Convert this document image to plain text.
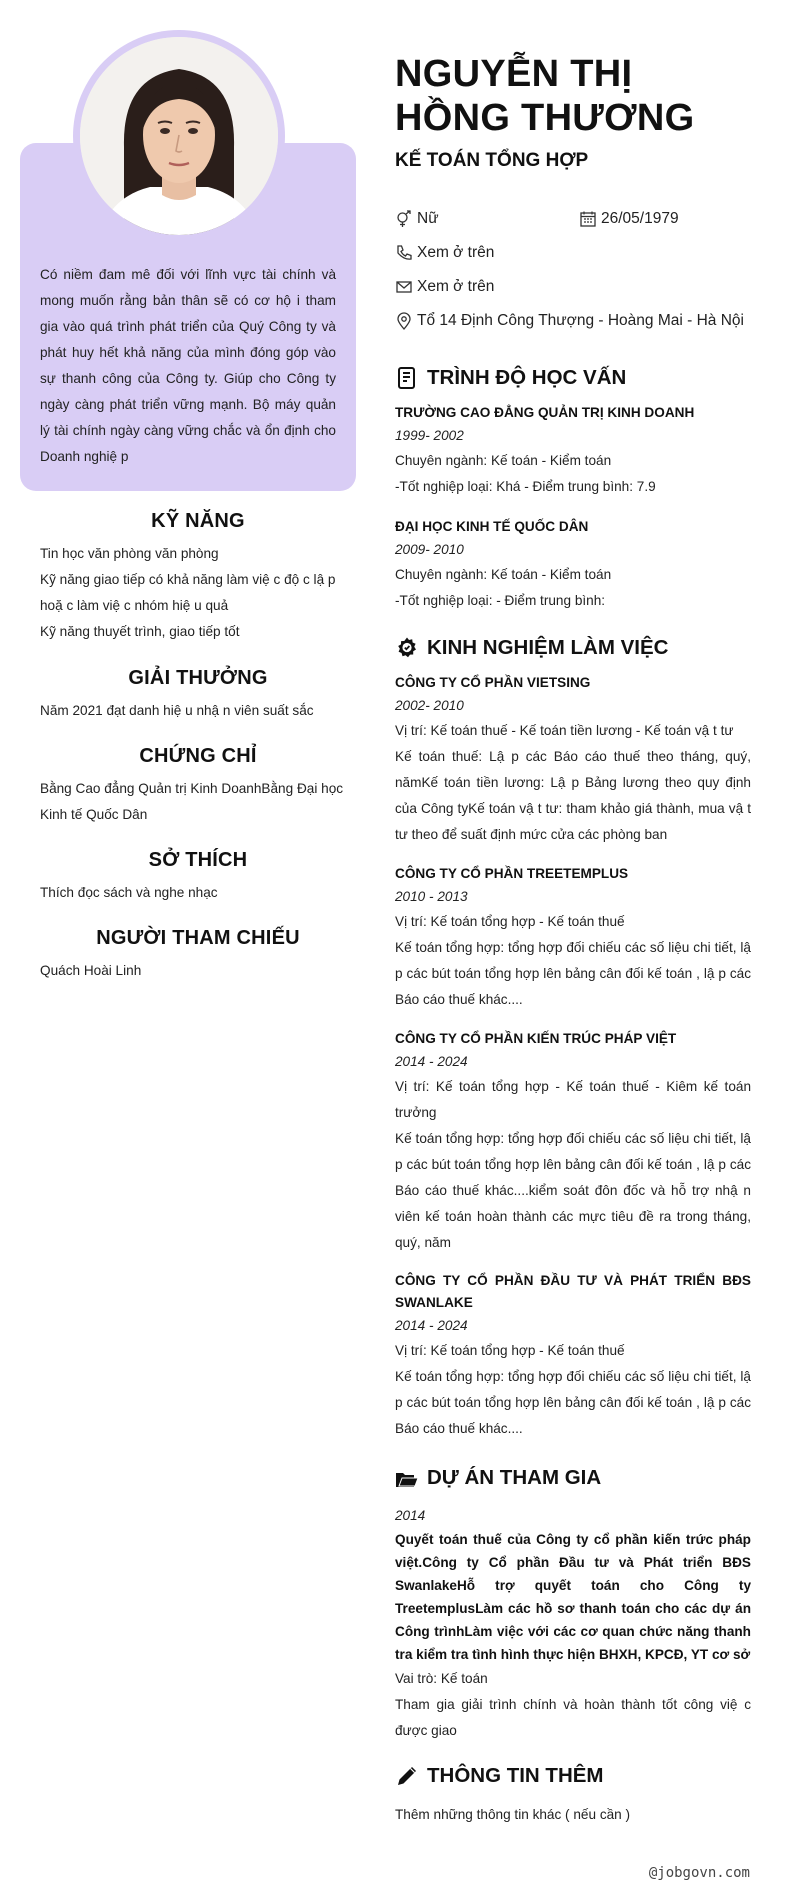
Có niềm đam mê đối với lĩnh vực tài chính và mong muốn rằng bản thân sẽ có cơ hộ i tham gia vào quá trình phát triển của Quý Công ty và phát huy hết khả năng của mình đóng góp vào sự thanh công của Công ty. Giúp cho Công ty ngày càng phát triển vững mạnh. Bộ máy quản lý tài chính ngày càng vững chắc và ổn định cho Doanh nghiệ p

KỸ NĂNG
Tin học văn phòng văn phòng
Kỹ năng giao tiếp có khả năng làm việ c độ c lậ p
hoặ c làm việ c nhóm hiệ u quả
Kỹ năng thuyết trình, giao tiếp tốt
GIẢI THƯỞNG
Năm 2021 đạt danh hiệ u nhậ n viên suất sắc
CHỨNG CHỈ
Bằng Cao đẳng Quản trị Kinh DoanhBằng Đại học
Kinh tế Quốc Dân
SỞ THÍCH
Thích đọc sách và nghe nhạc
NGƯỜI THAM CHIẾU
Quách Hoài Linh
NGUYỄN THỊ HỒNG THƯƠNG
KẾ TOÁN TỔNG HỢP
Nữ	26/05/1979
Xem ở trên
Xem ở trên
Tổ 14 Định Công Thượng - Hoàng Mai - Hà Nội
TRÌNH ĐỘ HỌC VẤN
TRƯỜNG CAO ĐẲNG QUẢN TRỊ KINH DOANH
1999- 2002
Chuyên ngành: Kế toán - Kiểm toán
-Tốt nghiệp loại: Khá - Điểm trung bình: 7.9
ĐẠI HỌC KINH TẾ QUỐC DÂN
2009- 2010
Chuyên ngành: Kế toán - Kiểm toán
-Tốt nghiệp loại: - Điểm trung bình:
KINH NGHIỆM LÀM VIỆC
CÔNG TY CỔ PHẦN VIETSING
2002- 2010
Vị trí: Kế toán thuế - Kế toán tiền lương - Kế toán vậ t tư
Kế toán thuế: Lậ p các Báo cáo thuế theo tháng, quý, nămKế toán tiền lương: Lậ p Bảng lương theo quy định của Công tyKế toán vậ t tư: tham khảo giá thành, mua vậ t tư theo để suất định mức cửa các phòng ban
CÔNG TY CỔ PHẦN TREETEMPLUS
2010 - 2013
Vị trí: Kế toán tổng hợp - Kế toán thuế
Kế toán tổng hợp: tổng hợp đối chiếu các số liệu chi tiết, lậ p các bút toán tổng hợp lên bảng cân đối kế toán , lậ p các Báo cáo thuế khác....
CÔNG TY CỔ PHẦN KIẾN TRÚC PHÁP VIỆT
2014 - 2024
Vị trí: Kế toán tổng hợp - Kế toán thuế - Kiêm kế toán trưởng
Kế toán tổng hợp: tổng hợp đối chiếu các số liệu chi tiết, lậ p các bút toán tổng hợp lên bảng cân đối kế toán , lậ p các Báo cáo thuế khác....kiểm soát đôn đốc và hỗ trợ nhậ n viên kế toán hoàn thành các mực tiêu đề ra trong tháng, quý, năm
CÔNG TY CỔ PHẦN ĐẦU TƯ VÀ PHÁT TRIỂN BĐS SWANLAKE
2014 - 2024
Vị trí: Kế toán tổng hợp - Kế toán thuế
Kế toán tổng hợp: tổng hợp đối chiếu các số liệu chi tiết, lậ p các bút toán tổng hợp lên bảng cân đối kế toán , lậ p các Báo cáo thuế khác....
DỰ ÁN THAM GIA
2014
Quyết toán thuế của Công ty cổ phần kiến trức pháp việt.Công ty Cổ phần Đầu tư và Phát triển BĐS SwanlakeHỗ trợ quyết toán cho Công ty TreetemplusLàm các hồ sơ thanh toán cho các dự án Công trìnhLàm việc với các cơ quan chức năng thanh tra kiểm tra tình hình thực hiện BHXH, KPCĐ, YT cơ sở
Vai trò: Kế toán
Tham gia giải trình chính và hoàn thành tốt công việ c được giao
THÔNG TIN THÊM
Thêm những thông tin khác ( nếu cần )
@jobgovn.com
